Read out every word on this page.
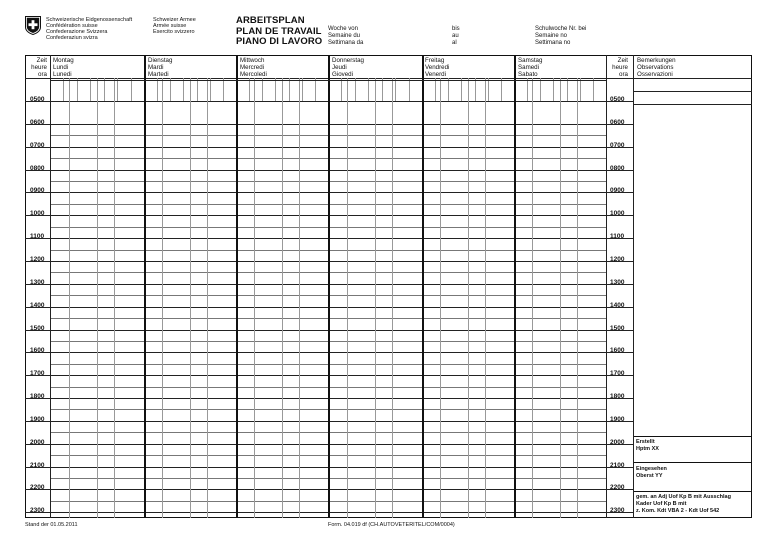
Schweizerische Eidgenossenschaft
Confédération suisse
Confederazione Svizzera
Confederaziun svizra
Schweizer Armee
Armée suisse
Esercito svizzero
ARBEITSPLAN
PLAN DE TRAVAIL
PIANO DI LAVORO
Woche von
Semaine du
Settimana da
bis
au
al
Schulwoche Nr. bei
Semaine no
Settimana no
Zeit
heure
ora
Montag
Lundi
Lunedi
Dienstag
Mardi
Martedi
Mittwoch
Mercredi
Mercoledi
Donnerstag
Jeudi
Giovedi
Freitag
Vendredi
Venerdi
Samstag
Samedi
Sabato
Zeit
heure
ora
Bemerkungen
Observations
Osservazioni
0500	0500
0600	0600
0700	0700
0800	0800
0900	0900
1000	1000
1100	1100
1200	1200
1300	1300
1400	1400
1500	1500
1600	1600
1700	1700
1800	1800
1900	1900
2000	2000
2100	2100
2200	2200
2300	2300
Erstellt
Hptm XX
Eingesehen
Oberst YY
gem. an Adj Uof Kp B mit Ausschlag
Kader Uof Kp B mit
z. Kom. Kdt VBA 2 - Kdt Uof 542
Stand der 01.05.2011	Form. 04.019 df (CH.AUTOVETERITEL/COM/0004)
